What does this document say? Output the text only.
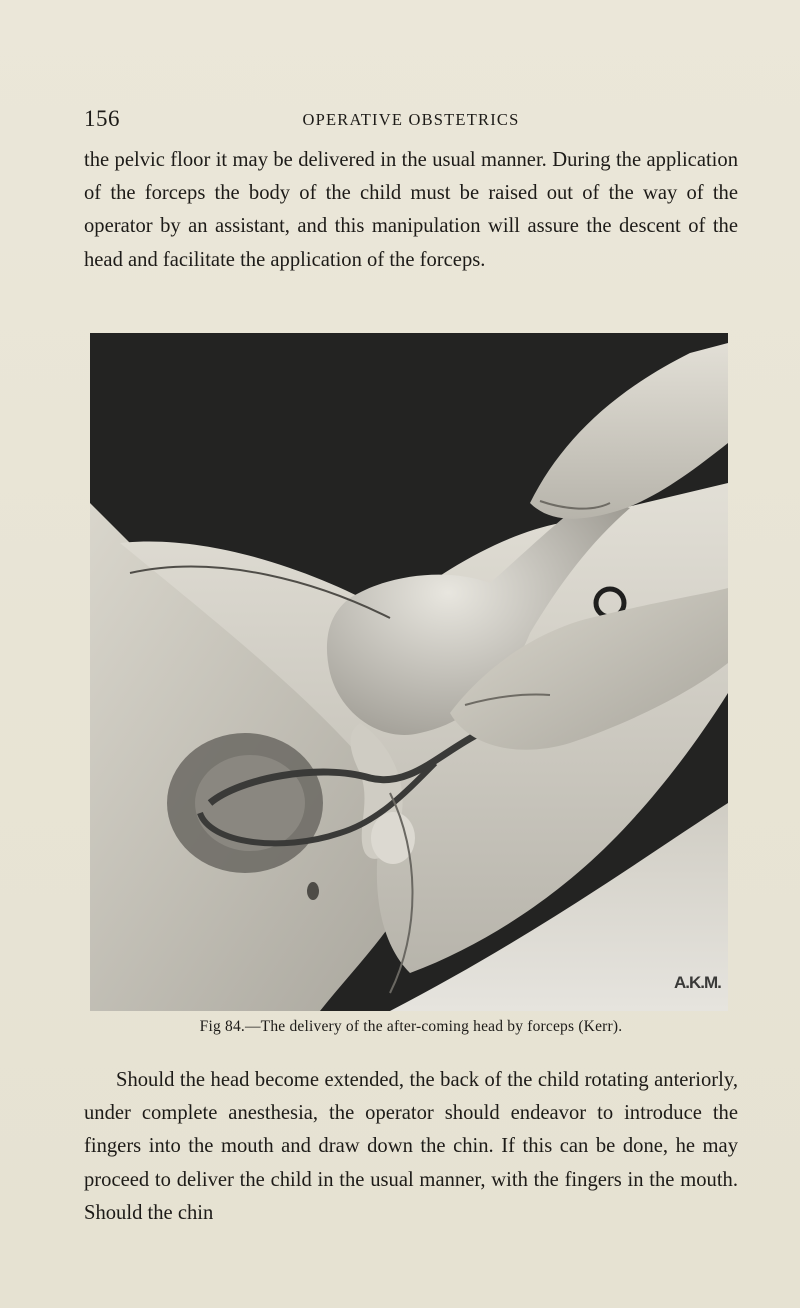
156	OPERATIVE OBSTETRICS

the pelvic floor it may be delivered in the usual manner. During the application of the forceps the body of the child must be raised out of the way of the operator by an assistant, and this manipulation will assure the descent of the head and facilitate the application of the forceps.

A.K.M.
Fig 84.—The delivery of the after-coming head by forceps (Kerr).

Should the head become extended, the back of the child rotating anteriorly, under complete anesthesia, the operator should endeavor to introduce the fingers into the mouth and draw down the chin. If this can be done, he may proceed to deliver the child in the usual manner, with the fingers in the mouth. Should the chin
